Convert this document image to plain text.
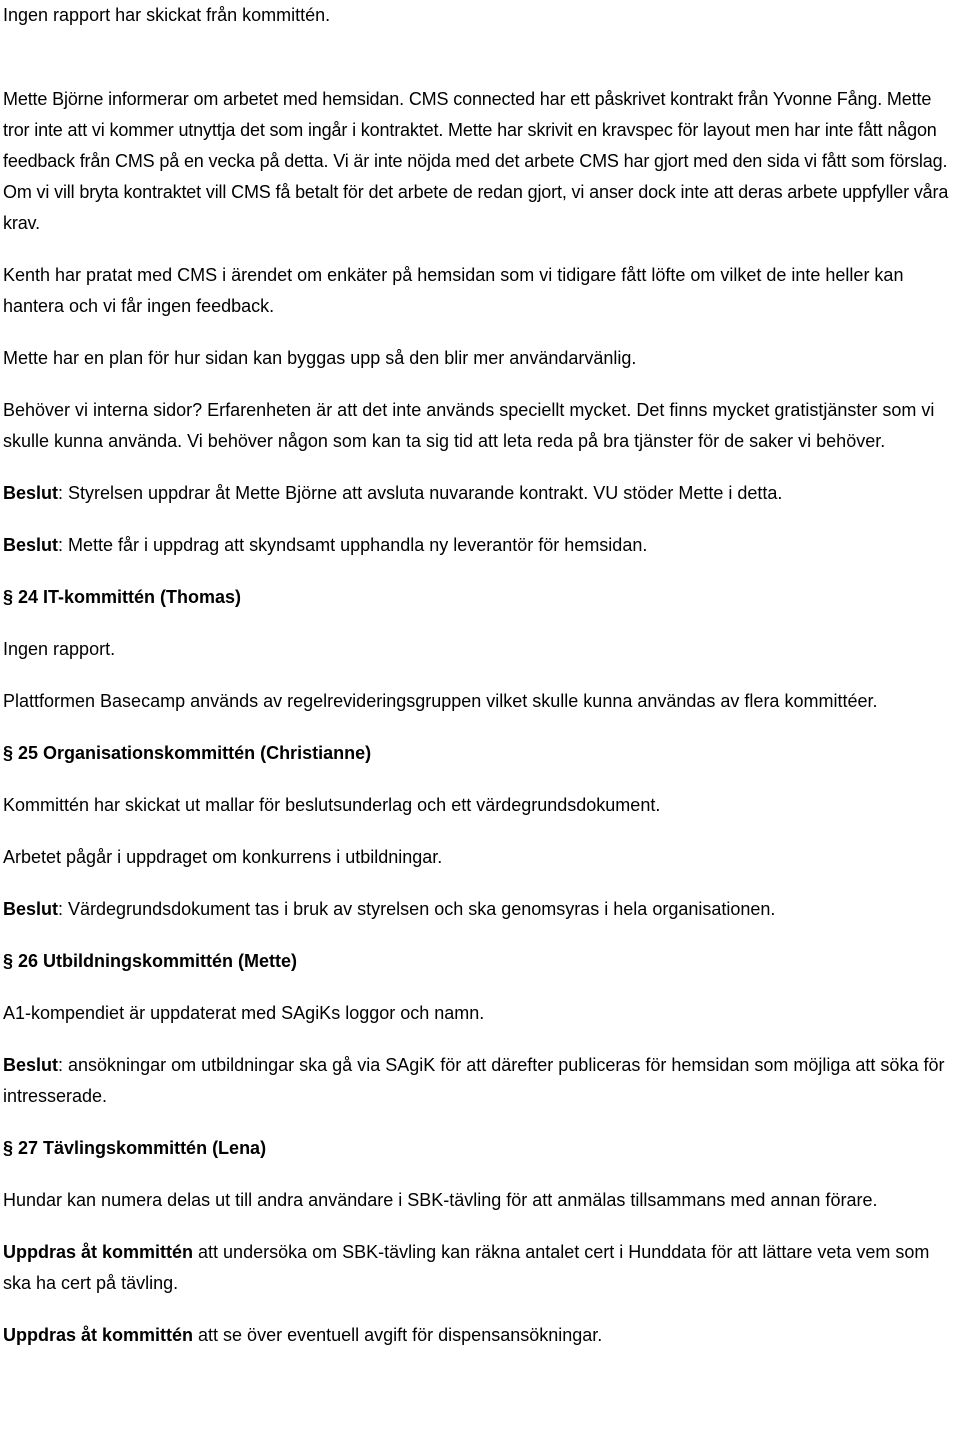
Ingen rapport har skickat från kommittén.

Mette Björne informerar om arbetet med hemsidan. CMS connected har ett påskrivet kontrakt från Yvonne Fång. Mette tror inte att vi kommer utnyttja det som ingår i kontraktet. Mette har skrivit en kravspec för layout men har inte fått någon feedback från CMS på en vecka på detta. Vi är inte nöjda med det arbete CMS har gjort med den sida vi fått som förslag. Om vi vill bryta kontraktet vill CMS få betalt för det arbete de redan gjort, vi anser dock inte att deras arbete uppfyller våra krav.

Kenth har pratat med CMS i ärendet om enkäter på hemsidan som vi tidigare fått löfte om vilket de inte heller kan hantera och vi får ingen feedback.

Mette har en plan för hur sidan kan byggas upp så den blir mer användarvänlig.

Behöver vi interna sidor? Erfarenheten är att det inte används speciellt mycket. Det finns mycket gratistjänster som vi skulle kunna använda. Vi behöver någon som kan ta sig tid att leta reda på bra tjänster för de saker vi behöver.

Beslut: Styrelsen uppdrar åt Mette Björne att avsluta nuvarande kontrakt. VU stöder Mette i detta.

Beslut: Mette får i uppdrag att skyndsamt upphandla ny leverantör för hemsidan.

§ 24 IT-kommittén (Thomas)

Ingen rapport.

Plattformen Basecamp används av regelrevideringsgruppen vilket skulle kunna användas av flera kommittéer.

§ 25 Organisationskommittén (Christianne)

Kommittén har skickat ut mallar för beslutsunderlag och ett värdegrundsdokument.

Arbetet pågår i uppdraget om konkurrens i utbildningar.

Beslut: Värdegrundsdokument tas i bruk av styrelsen och ska genomsyras i hela organisationen.

§ 26 Utbildningskommittén (Mette)

A1-kompendiet är uppdaterat med SAgiKs loggor och namn.

Beslut: ansökningar om utbildningar ska gå via SAgiK för att därefter publiceras för hemsidan som möjliga att söka för intresserade.

§ 27 Tävlingskommittén (Lena)

Hundar kan numera delas ut till andra användare i SBK-tävling för att anmälas tillsammans med annan förare.

Uppdras åt kommittén att undersöka om SBK-tävling kan räkna antalet cert i Hunddata för att lättare veta vem som ska ha cert på tävling.

Uppdras åt kommittén att se över eventuell avgift för dispensansökningar.
